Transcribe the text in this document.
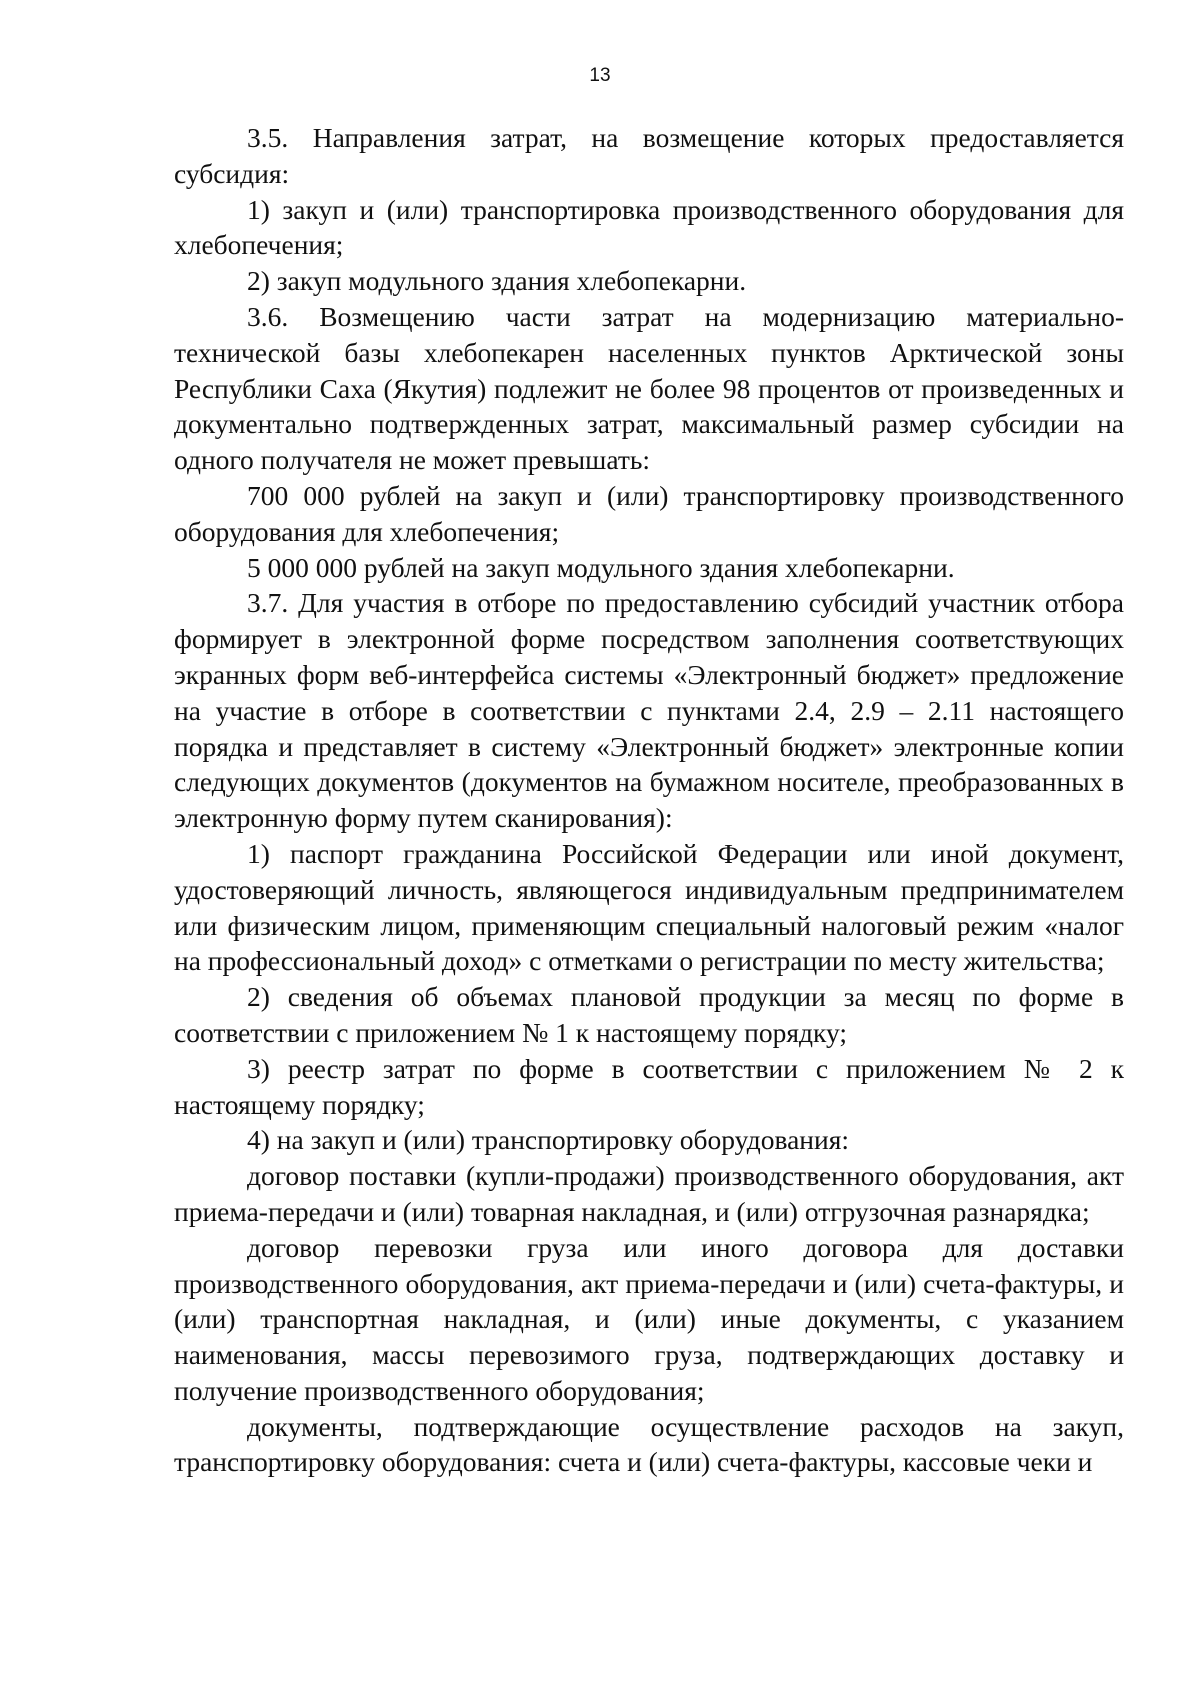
13

3.5. Направления затрат, на возмещение которых предоставляется субсидия:

1) закуп и (или) транспортировка производственного оборудования для хлебопечения;

2) закуп модульного здания хлебопекарни.

3.6. Возмещению части затрат на модернизацию материально-технической базы хлебопекарен населенных пунктов Арктической зоны Республики Саха (Якутия) подлежит не более 98 процентов от произведенных и документально подтвержденных затрат, максимальный размер субсидии на одного получателя не может превышать:

700 000 рублей на закуп и (или) транспортировку производственного оборудования для хлебопечения;

5 000 000 рублей на закуп модульного здания хлебопекарни.

3.7. Для участия в отборе по предоставлению субсидий участник отбора формирует в электронной форме посредством заполнения соответствующих экранных форм веб-интерфейса системы «Электронный бюджет» предложение на участие в отборе в соответствии с пунктами 2.4, 2.9 – 2.11 настоящего порядка и представляет в систему «Электронный бюджет» электронные копии следующих документов (документов на бумажном носителе, преобразованных в электронную форму путем сканирования):

1) паспорт гражданина Российской Федерации или иной документ, удостоверяющий личность, являющегося индивидуальным предпринимателем или физическим лицом, применяющим специальный налоговый режим «налог на профессиональный доход» с отметками о регистрации по месту жительства;

2) сведения об объемах плановой продукции за месяц по форме в соответствии с приложением № 1 к настоящему порядку;

3) реестр затрат по форме в соответствии с приложением № 2 к настоящему порядку;

4) на закуп и (или) транспортировку оборудования:

договор поставки (купли-продажи) производственного оборудования, акт приема-передачи и (или) товарная накладная, и (или) отгрузочная разнарядка;

договор перевозки груза или иного договора для доставки производственного оборудования, акт приема-передачи и (или) счета-фактуры, и (или) транспортная накладная, и (или) иные документы, с указанием наименования, массы перевозимого груза, подтверждающих доставку и получение производственного оборудования;

документы, подтверждающие осуществление расходов на закуп, транспортировку оборудования: счета и (или) счета-фактуры, кассовые чеки и
